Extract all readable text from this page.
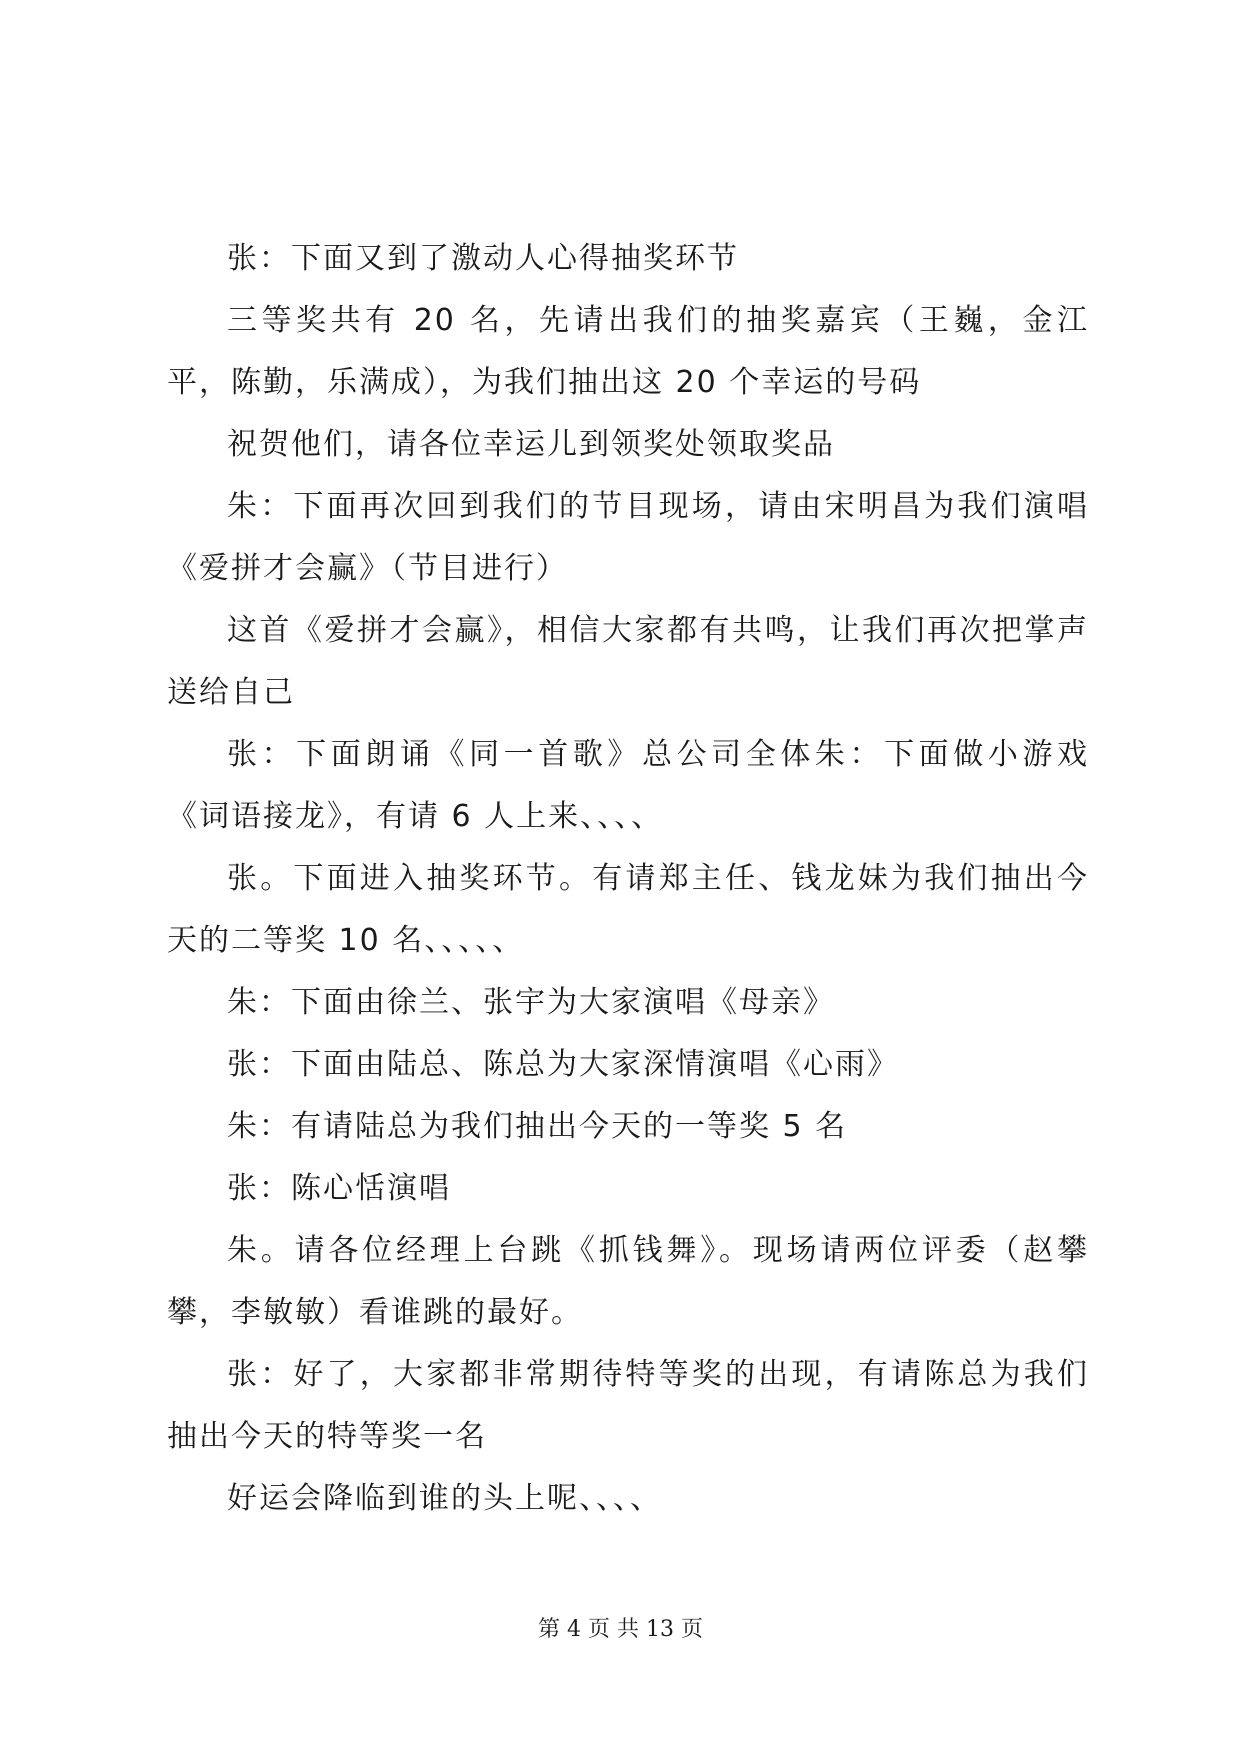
张：下面又到了激动人心得抽奖环节

三等奖共有 20 名，先请出我们的抽奖嘉宾（王巍，金江平，陈勤，乐满成），为我们抽出这 20 个幸运的号码

祝贺他们，请各位幸运儿到领奖处领取奖品

朱：下面再次回到我们的节目现场，请由宋明昌为我们演唱《爱拼才会赢》（节目进行）

这首《爱拼才会赢》，相信大家都有共鸣，让我们再次把掌声送给自己

张：下面朗诵《同一首歌》总公司全体朱：下面做小游戏《词语接龙》，有请 6 人上来、、、、

张。下面进入抽奖环节。有请郑主任、钱龙妹为我们抽出今天的二等奖 10 名、、、、、

朱：下面由徐兰、张宇为大家演唱《母亲》

张：下面由陆总、陈总为大家深情演唱《心雨》

朱：有请陆总为我们抽出今天的一等奖 5 名

张：陈心恬演唱

朱。请各位经理上台跳《抓钱舞》。现场请两位评委（赵攀攀，李敏敏）看谁跳的最好。

张：好了，大家都非常期待特等奖的出现，有请陈总为我们抽出今天的特等奖一名

好运会降临到谁的头上呢、、、、

第 4 页 共 13 页
